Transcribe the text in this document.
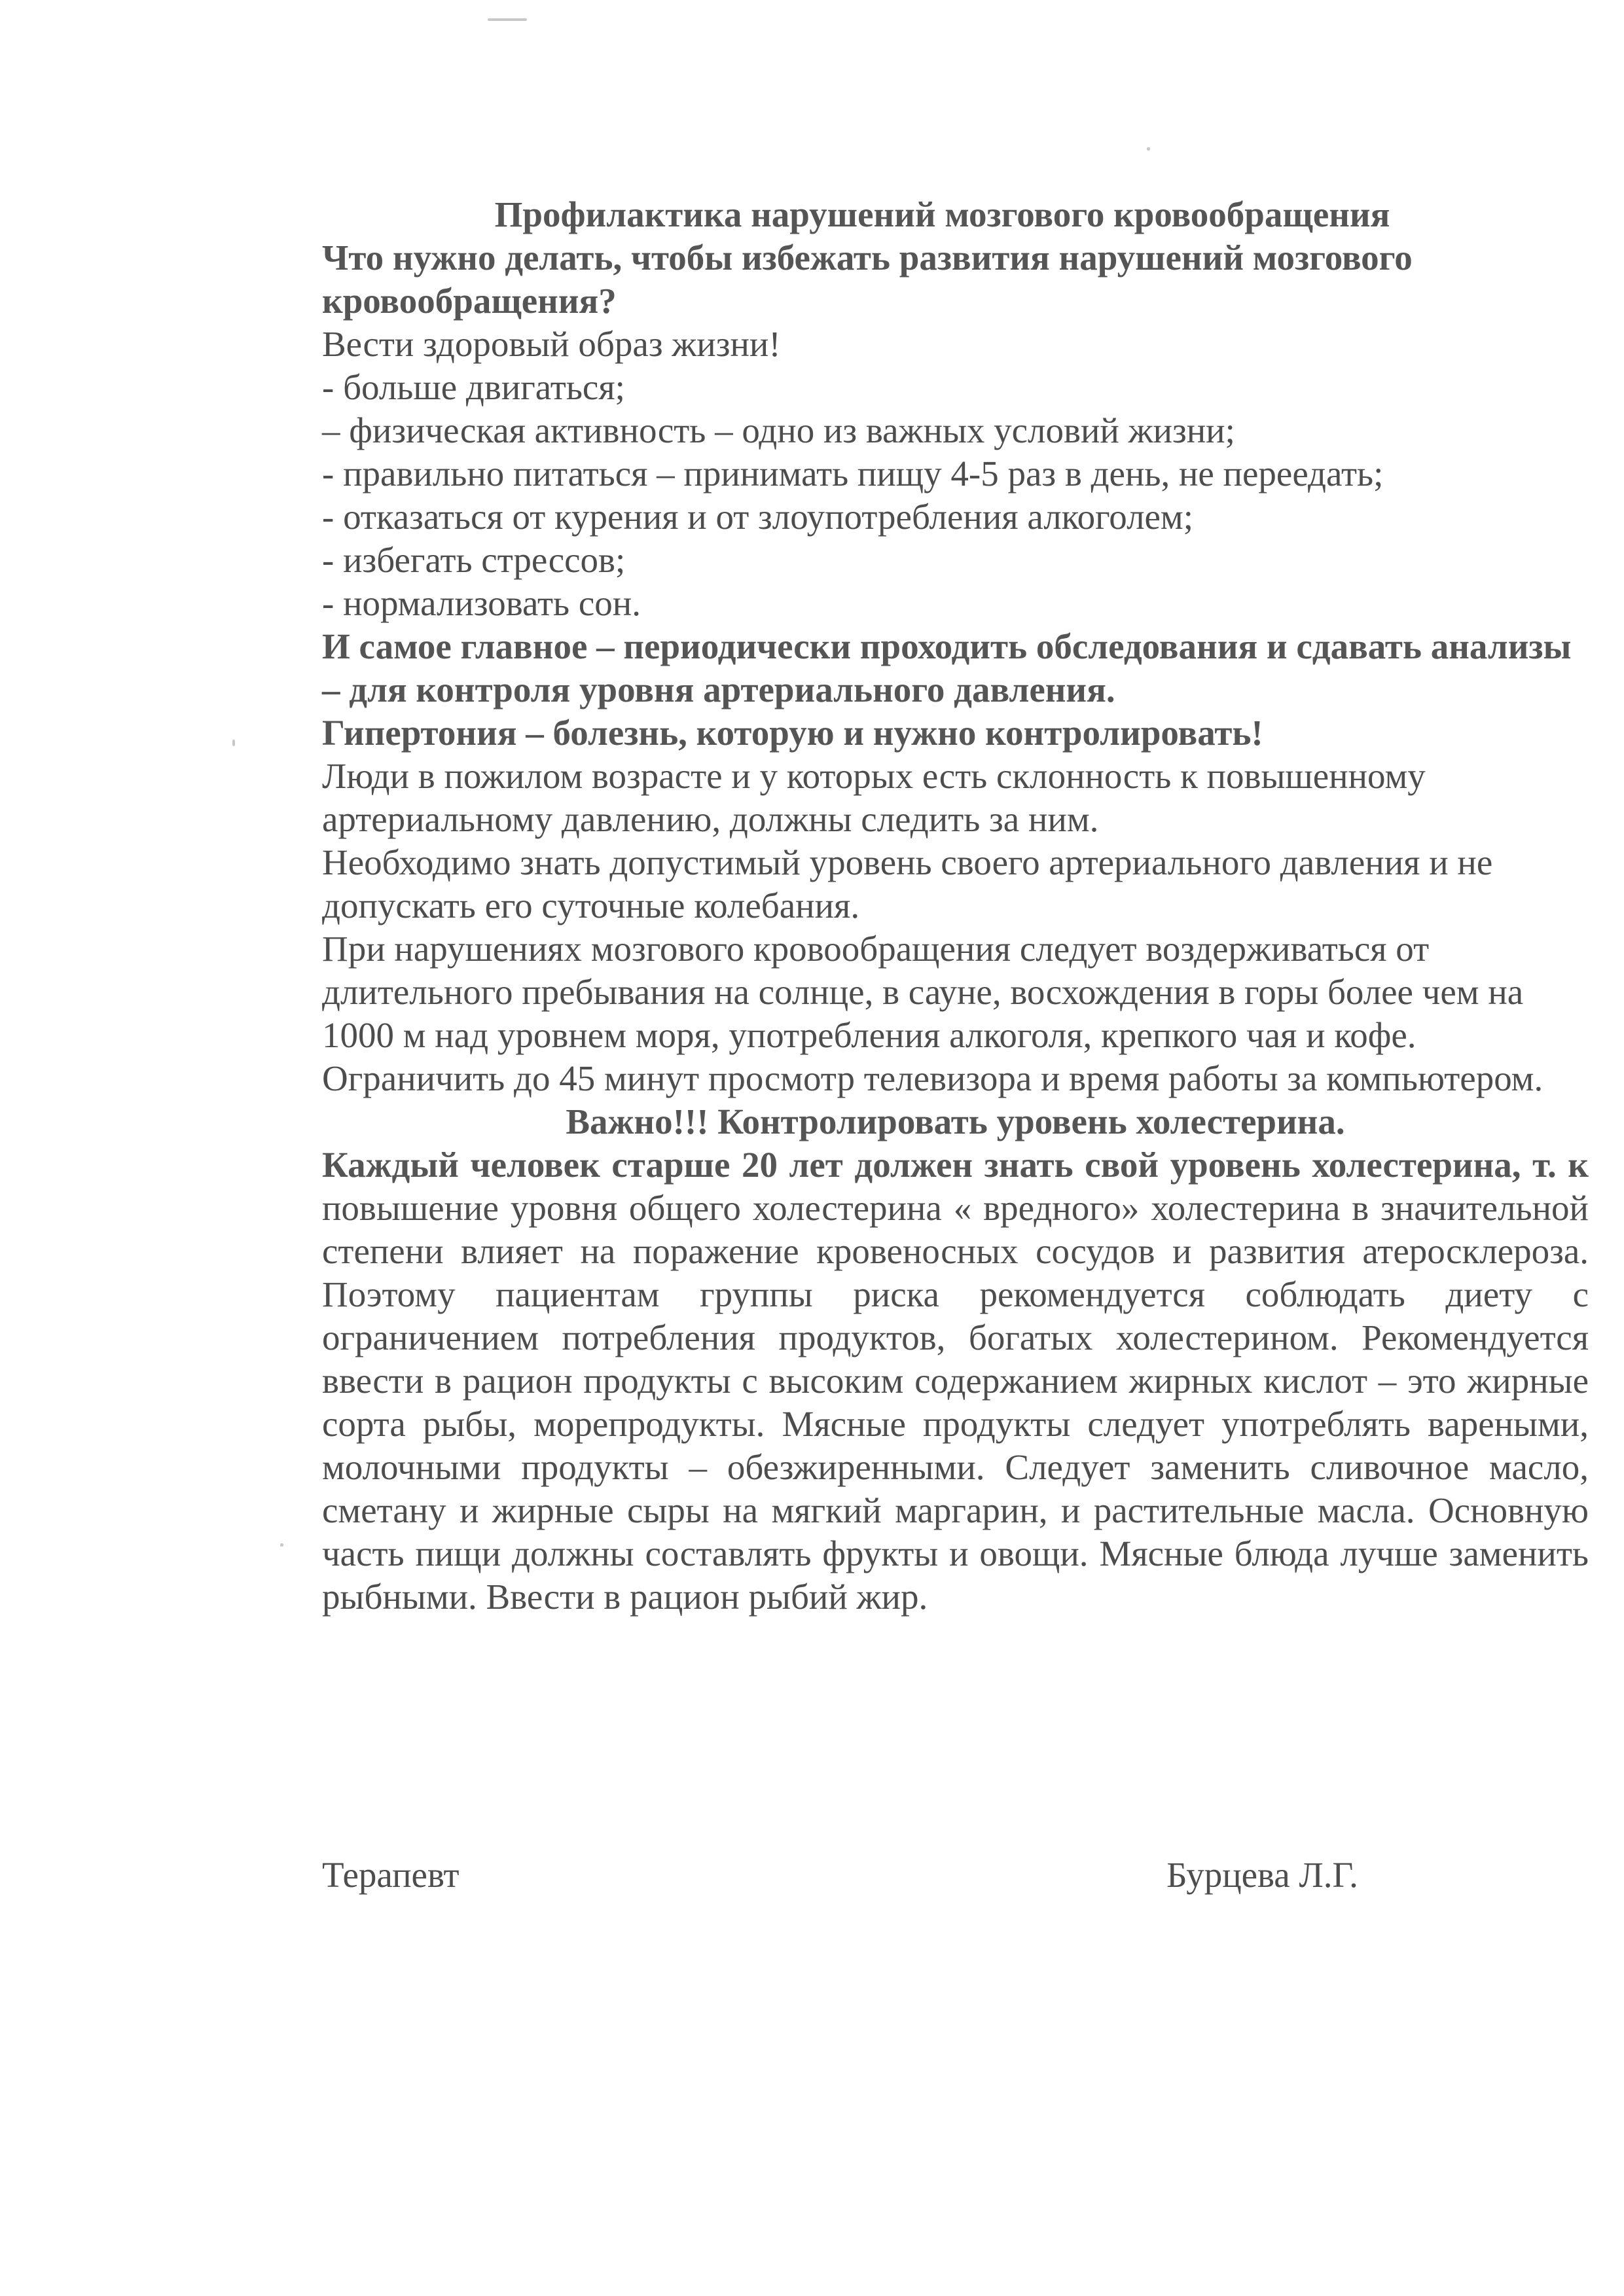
Профилактика нарушений мозгового кровообращения

Что нужно делать, чтобы избежать развития нарушений мозгового кровообращения?

Вести здоровый образ жизни!

- больше двигаться;
– физическая активность – одно из важных условий жизни;
- правильно питаться – принимать пищу 4-5 раз в день, не переедать;
- отказаться от курения и от злоупотребления алкоголем;
- избегать стрессов;
- нормализовать сон.

И самое главное – периодически проходить обследования и сдавать анализы – для контроля уровня артериального давления.

Гипертония – болезнь, которую и нужно контролировать!

Люди в пожилом возрасте и у которых есть склонность к повышенному артериальному давлению, должны следить за ним.

Необходимо знать допустимый уровень своего артериального давления и не допускать его суточные колебания.

При нарушениях мозгового кровообращения следует воздерживаться от длительного пребывания на солнце, в сауне, восхождения в горы более чем на 1000 м над уровнем моря, употребления алкоголя, крепкого чая и кофе. Ограничить до 45 минут просмотр телевизора и время работы за компьютером.

Важно!!! Контролировать уровень холестерина.

Каждый человек старше 20 лет должен знать свой уровень холестерина, т. к повышение уровня общего холестерина « вредного» холестерина в значительной степени влияет на поражение кровеносных сосудов и развития атеросклероза. Поэтому пациентам группы риска рекомендуется соблюдать диету с ограничением потребления продуктов, богатых холестерином. Рекомендуется ввести в рацион продукты с высоким содержанием жирных кислот – это жирные сорта рыбы, морепродукты. Мясные продукты следует употреблять вареными, молочными продукты – обезжиренными. Следует заменить сливочное масло, сметану и жирные сыры на мягкий маргарин, и растительные масла. Основную часть пищи должны составлять фрукты и овощи. Мясные блюда лучше заменить рыбными. Ввести в рацион рыбий жир.

Терапевт	Бурцева Л.Г.
